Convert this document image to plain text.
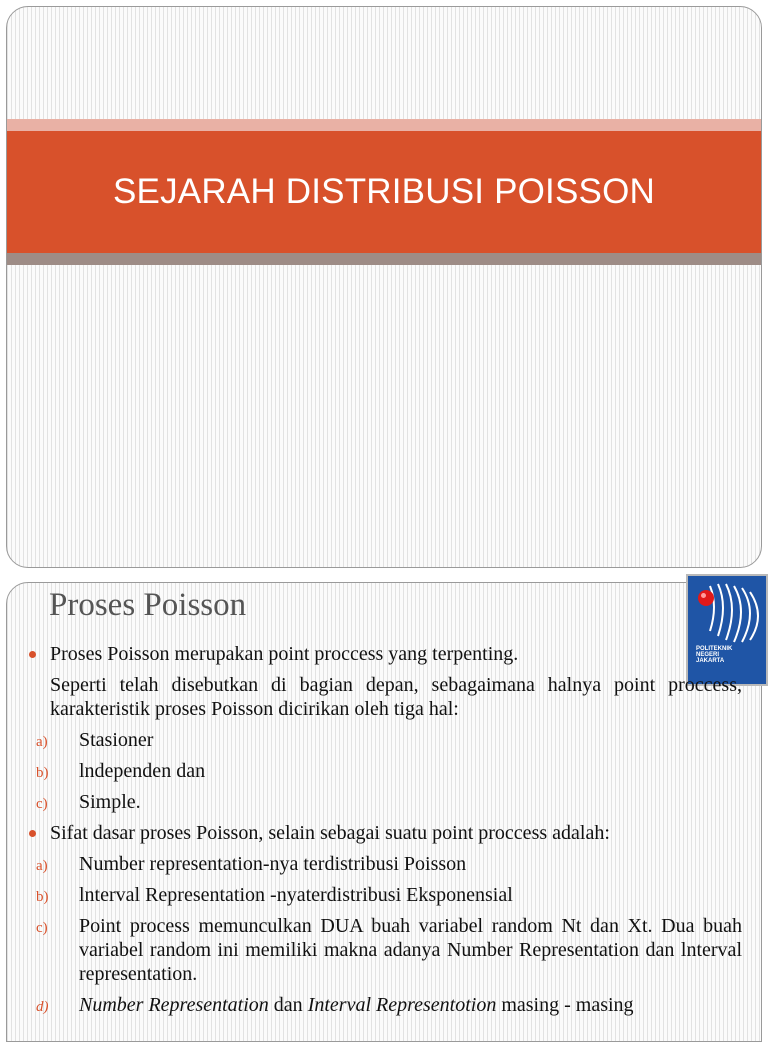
SEJARAH DISTRIBUSI POISSON
Proses Poisson
POLITEKNIK
NEGERI
JAKARTA
Proses Poisson merupakan point proccess yang terpenting.
Seperti telah disebutkan di bagian depan, sebagaimana halnya point proccess, karakteristik proses Poisson dicirikan oleh tiga hal:
a) Stasioner
b) lndependen dan
c) Simple.
Sifat dasar proses Poisson, selain sebagai suatu point proccess adalah:
a) Number representation-nya terdistribusi Poisson
b) lnterval Representation -nyaterdistribusi Eksponensial
c) Point process memunculkan DUA buah variabel random Nt dan Xt. Dua buah variabel random ini memiliki makna adanya Number Representation dan lnterval representation.
d) Number Representation dan Interval Representotion masing - masing
